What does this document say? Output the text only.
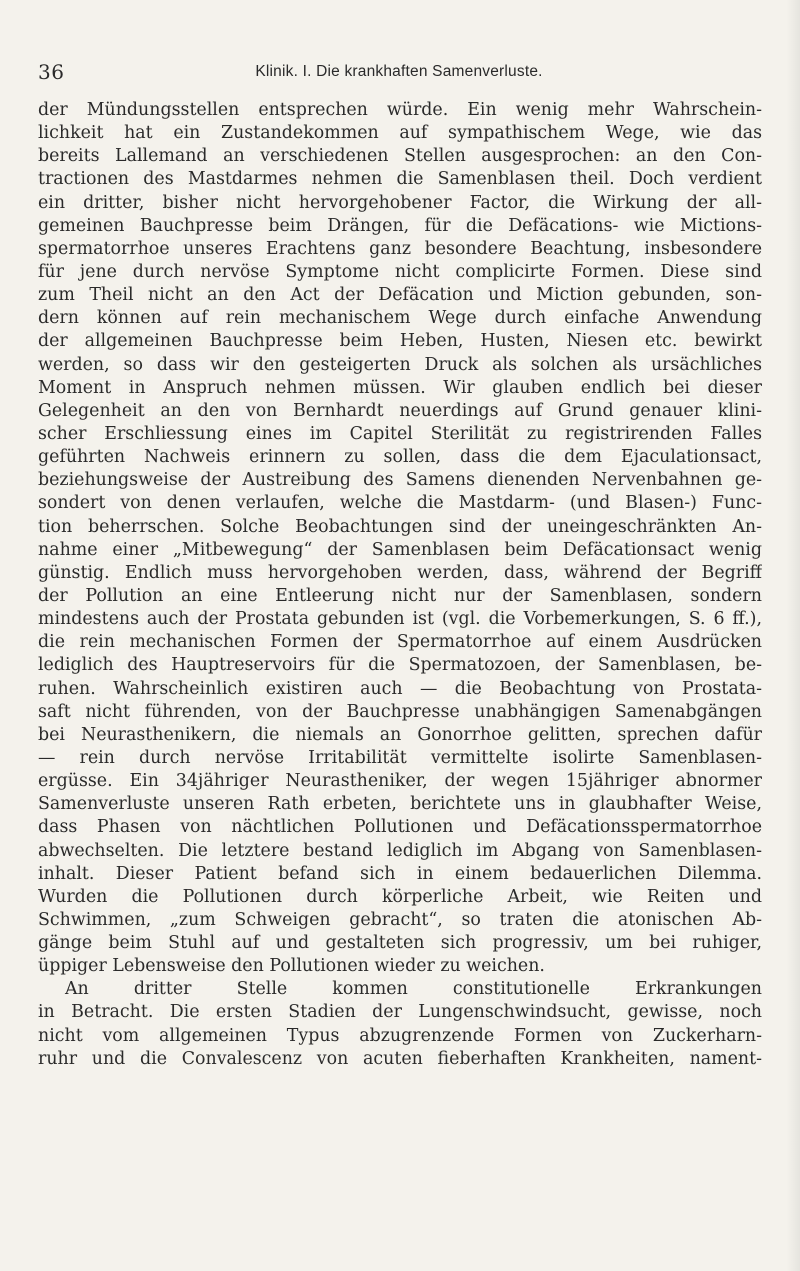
36	Klinik. I. Die krankhaften Samenverluste.
der Mündungsstellen entsprechen würde. Ein wenig mehr Wahrschein-
lichkeit hat ein Zustandekommen auf sympathischem Wege, wie das
bereits Lallemand an verschiedenen Stellen ausgesprochen: an den Con-
tractionen des Mastdarmes nehmen die Samenblasen theil. Doch verdient
ein dritter, bisher nicht hervorgehobener Factor, die Wirkung der all-
gemeinen Bauchpresse beim Drängen, für die Defäcations- wie Mictions-
spermatorrhoe unseres Erachtens ganz besondere Beachtung, insbesondere
für jene durch nervöse Symptome nicht complicirte Formen. Diese sind
zum Theil nicht an den Act der Defäcation und Miction gebunden, son-
dern können auf rein mechanischem Wege durch einfache Anwendung
der allgemeinen Bauchpresse beim Heben, Husten, Niesen etc. bewirkt
werden, so dass wir den gesteigerten Druck als solchen als ursächliches
Moment in Anspruch nehmen müssen. Wir glauben endlich bei dieser
Gelegenheit an den von Bernhardt neuerdings auf Grund genauer klini-
scher Erschliessung eines im Capitel Sterilität zu registrirenden Falles
geführten Nachweis erinnern zu sollen, dass die dem Ejaculationsact,
beziehungsweise der Austreibung des Samens dienenden Nervenbahnen ge-
sondert von denen verlaufen, welche die Mastdarm- (und Blasen-) Func-
tion beherrschen. Solche Beobachtungen sind der uneingeschränkten An-
nahme einer „Mitbewegung“ der Samenblasen beim Defäcationsact wenig
günstig. Endlich muss hervorgehoben werden, dass, während der Begriff
der Pollution an eine Entleerung nicht nur der Samenblasen, sondern
mindestens auch der Prostata gebunden ist (vgl. die Vorbemerkungen, S. 6 ff.),
die rein mechanischen Formen der Spermatorrhoe auf einem Ausdrücken
lediglich des Hauptreservoirs für die Spermatozoen, der Samenblasen, be-
ruhen. Wahrscheinlich existiren auch — die Beobachtung von Prostata-
saft nicht führenden, von der Bauchpresse unabhängigen Samenabgängen
bei Neurasthenikern, die niemals an Gonorrhoe gelitten, sprechen dafür
— rein durch nervöse Irritabilität vermittelte isolirte Samenblasen-
ergüsse. Ein 34jähriger Neurastheniker, der wegen 15jähriger abnormer
Samenverluste unseren Rath erbeten, berichtete uns in glaubhafter Weise,
dass Phasen von nächtlichen Pollutionen und Defäcationsspermatorrhoe
abwechselten. Die letztere bestand lediglich im Abgang von Samenblasen-
inhalt. Dieser Patient befand sich in einem bedauerlichen Dilemma.
Wurden die Pollutionen durch körperliche Arbeit, wie Reiten und
Schwimmen, „zum Schweigen gebracht“, so traten die atonischen Ab-
gänge beim Stuhl auf und gestalteten sich progressiv, um bei ruhiger,
üppiger Lebensweise den Pollutionen wieder zu weichen.
An dritter Stelle kommen constitutionelle Erkrankungen
in Betracht. Die ersten Stadien der Lungenschwindsucht, gewisse, noch
nicht vom allgemeinen Typus abzugrenzende Formen von Zuckerharn-
ruhr und die Convalescenz von acuten fieberhaften Krankheiten, nament-
